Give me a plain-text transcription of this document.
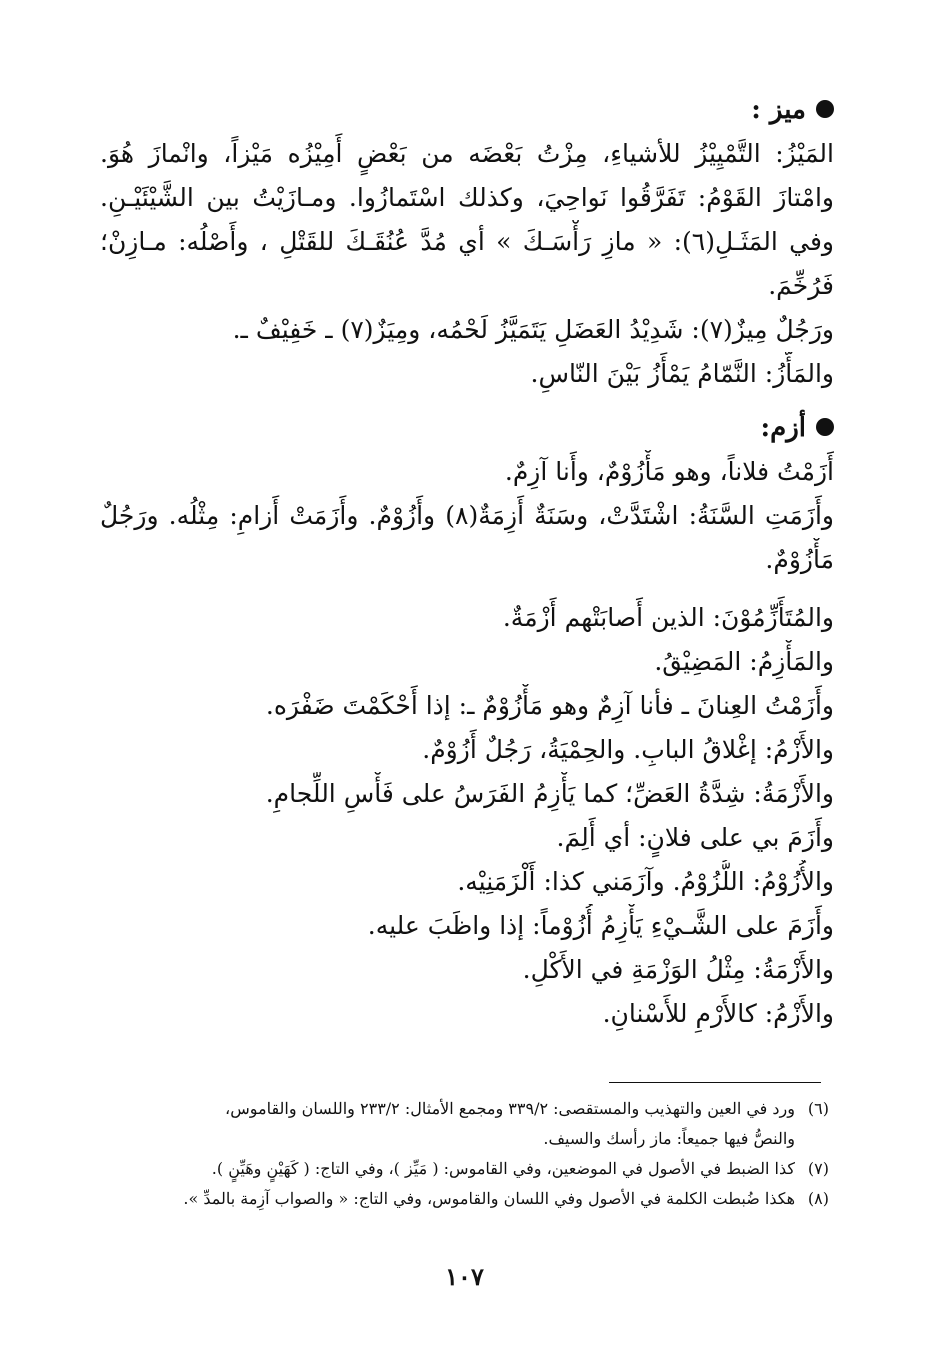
ميز :
المَيْزُ: التَّمْيِيْزُ للأشياءِ، مِزْتُ بَعْضَه من بَعْضٍ أَمِيْزُه مَيْزاً، وانْمازَ هُوَ.
وامْتازَ القَوْمُ: تَفَرَّقُوا نَواحِيَ، وكذلك اسْتَمازُوا. ومـازَيْتُ بين الشَّيْئَيْـنِ.
وفي المَثَـلِ(٦): « مازِ رَأْسَـكَ » أي مُدَّ عُنُقَـكَ للقَتْلِ ، وأَصْلُه: مـازِنْ؛
فَرُخِّمَ.
ورَجُلٌ مِيزٌ(٧): شَدِيْدُ العَضَلِ يَتَمَيَّزُ لَحْمُه، ومِيَزٌ(٧) ـ خَفِيْفٌ ـ.
والمَأَّزُ: النَّمّامُ يَمْأَزُ بَيْنَ النّاسِ.
أزم:
أَزَمْتُ فلاناً، وهو مَأْزُوْمٌ، وأَنا آزِمٌ.
وأَزَمَتِ السَّنَةُ: اشْتَدَّتْ، وسَنَةٌ أَزِمَةٌ(٨) وأَزُوْمٌ. وأَزَمَتْ أَزامِ: مِثْلُه. ورَجُلٌ
مَأْزُوْمٌ.
والمُتَأَزِّمُوْنَ: الذين أَصابَتْهم أَزْمَةٌ.
والمَأْزِمُ: المَضِيْقُ.
وأَزَمْتُ العِنانَ ـ فأنا آزِمٌ وهو مَأْزُوْمٌ ـ: إذا أَحْكَمْتَ ضَفْرَه.
والأَزْمُ: إغْلاقُ البابِ. والحِمْيَةُ، رَجُلٌ أَزُوْمٌ.
والأَزْمَةُ: شِدَّةُ العَضِّ؛ كما يَأْزِمُ الفَرَسُ على فَأْسِ اللِّجامِ.
وأَزَمَ بي على فلانٍ: أي أَلِمَ.
والأُزُوْمُ: اللُّزُوْمُ. وآزَمَني كذا: أَلْزَمَنِيْه.
وأَزَمَ على الشَّـيْءِ يَأْزِمُ أُزُوْماً: إذا واظَبَ عليه.
والأَزْمَةُ: مِثْلُ الوَزْمَةِ في الأَكْلِ.
والأَزْمُ: كالأَرْمِ للأَسْنانِ.
(٦)ورد في العين والتهذيب والمستقصى: ٣٣٩/٢ ومجمع الأمثال: ٢٣٣/٢ واللسان والقاموس،
والنصُّ فيها جميعاً: ماز رأسك والسيف.
(٧)كذا الضبط في الأصول في الموضعين، وفي القاموس: ( مَيِّز )، وفي التاج: ( كَهَيْنٍ وهَيِّنٍ ).
(٨)هكذا ضُبطت الكلمة في الأصول وفي اللسان والقاموس، وفي التاج: « والصواب آزِمة بالمدِّ ».
١٠٧
